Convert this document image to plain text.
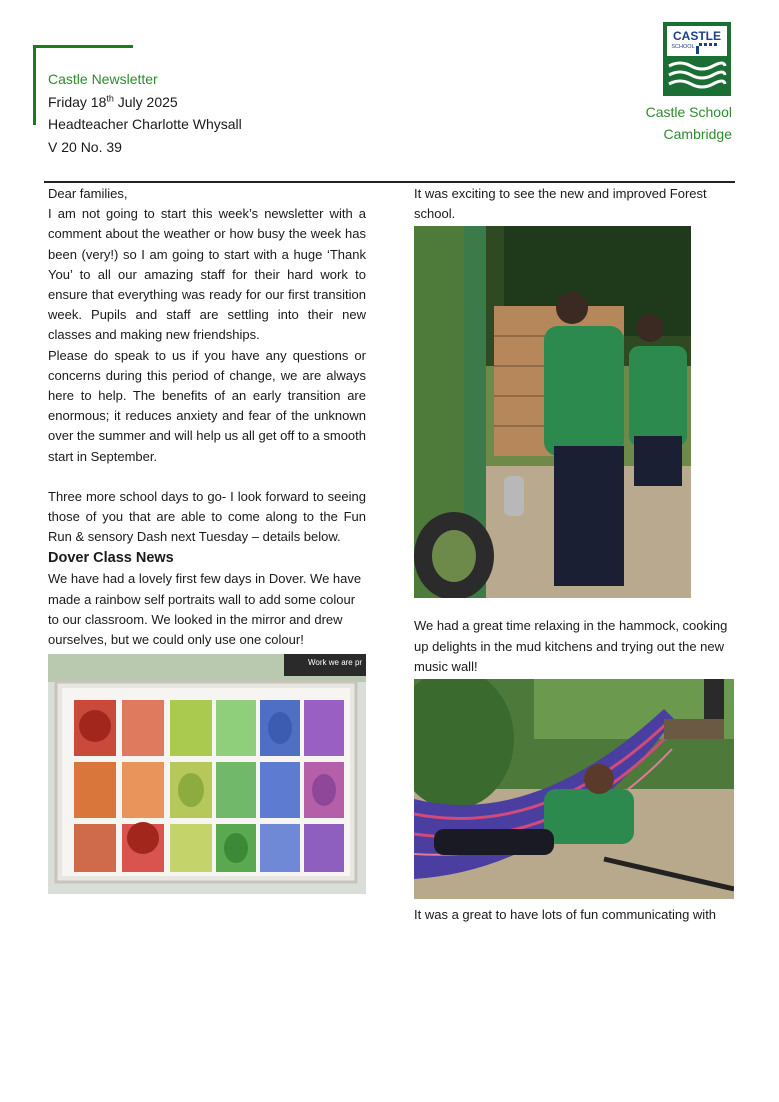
Castle Newsletter
Friday 18th July 2025
Headteacher Charlotte Whysall
V 20 No. 39
CASTLE
SCHOOL
Castle School
Cambridge

Dear families,

I am not going to start this week’s newsletter with a comment about the weather or how busy the week has been (very!) so I am going to start with a huge ‘Thank You’ to all our amazing staff for their hard work to ensure that everything was ready for our first transition week. Pupils and staff are settling into their new classes and making new friendships.

Please do speak to us if you have any questions or concerns during this period of change, we are always here to help. The benefits of an early transition are enormous; it reduces anxiety and fear of the unknown over the summer and will help us all get off to a smooth start in September.

Three more school days to go- I look forward to seeing those of you that are able to come along to the Fun Run & sensory Dash next Tuesday – details below.

Dover Class News

We have had a lovely first few days in Dover. We have made a rainbow self portraits wall to add some colour to our classroom. We looked in the mirror and drew ourselves, but we could only use one colour!

Work we are pr

It was exciting to see the new and improved Forest school.

We had a great time relaxing in the hammock, cooking up delights in the mud kitchens and trying out the new music wall!

It was a great to have lots of fun communicating with
